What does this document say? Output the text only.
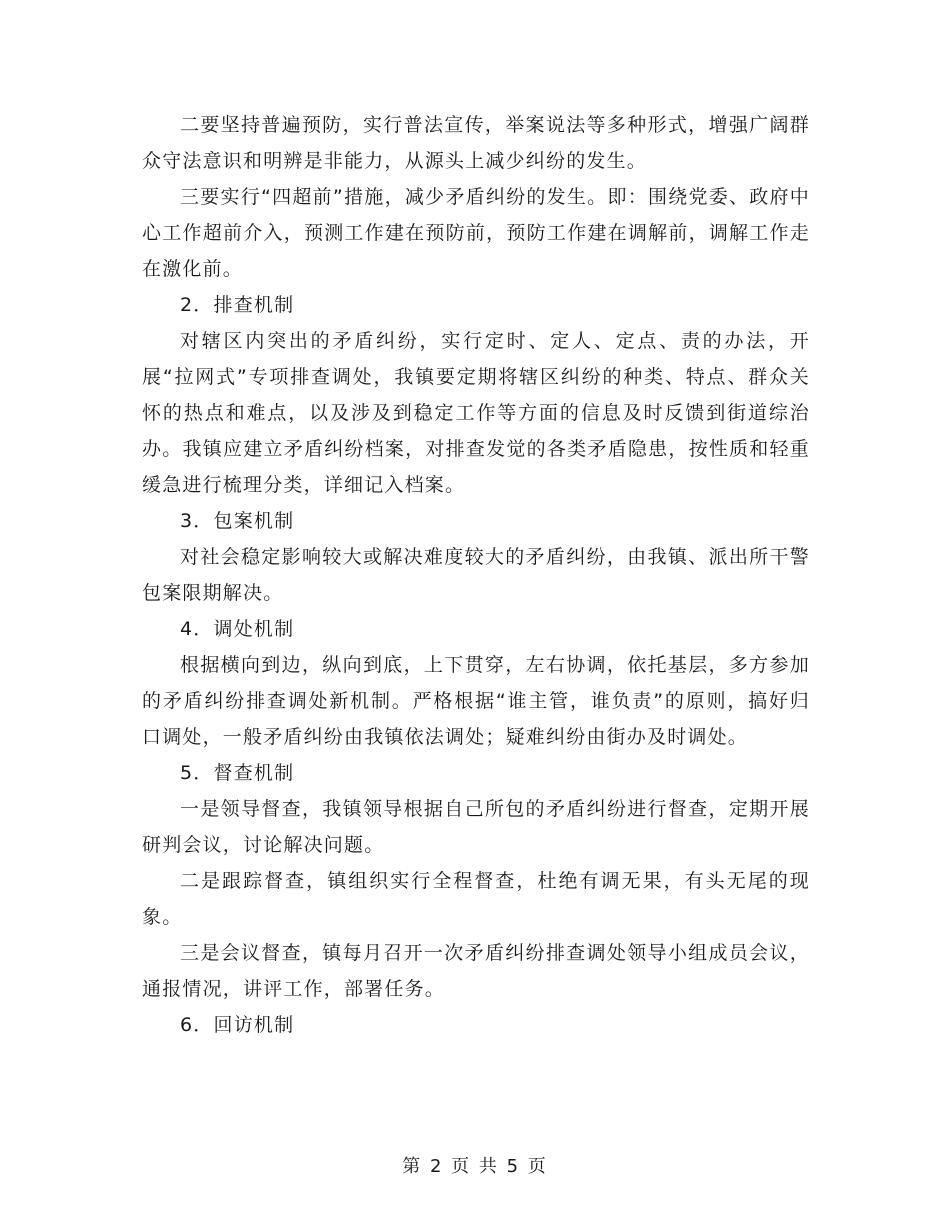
二要坚持普遍预防，实行普法宣传，举案说法等多种形式，增强广阔群众守法意识和明辨是非能力，从源头上减少纠纷的发生。

三要实行“四超前”措施，减少矛盾纠纷的发生。即：围绕党委、政府中心工作超前介入，预测工作建在预防前，预防工作建在调解前，调解工作走在激化前。

2．排查机制

对辖区内突出的矛盾纠纷，实行定时、定人、定点、责的办法，开展“拉网式”专项排查调处，我镇要定期将辖区纠纷的种类、特点、群众关怀的热点和难点，以及涉及到稳定工作等方面的信息及时反馈到街道综治办。我镇应建立矛盾纠纷档案，对排查发觉的各类矛盾隐患，按性质和轻重缓急进行梳理分类，详细记入档案。

3．包案机制

对社会稳定影响较大或解决难度较大的矛盾纠纷，由我镇、派出所干警包案限期解决。

4．调处机制

根据横向到边，纵向到底，上下贯穿，左右协调，依托基层，多方参加的矛盾纠纷排查调处新机制。严格根据“谁主管，谁负责”的原则，搞好归口调处，一般矛盾纠纷由我镇依法调处；疑难纠纷由街办及时调处。

5．督查机制

一是领导督查，我镇领导根据自己所包的矛盾纠纷进行督查，定期开展研判会议，讨论解决问题。

二是跟踪督查，镇组织实行全程督查，杜绝有调无果，有头无尾的现象。

三是会议督查，镇每月召开一次矛盾纠纷排查调处领导小组成员会议，通报情况，讲评工作，部署任务。

6．回访机制

第 2 页 共 5 页
